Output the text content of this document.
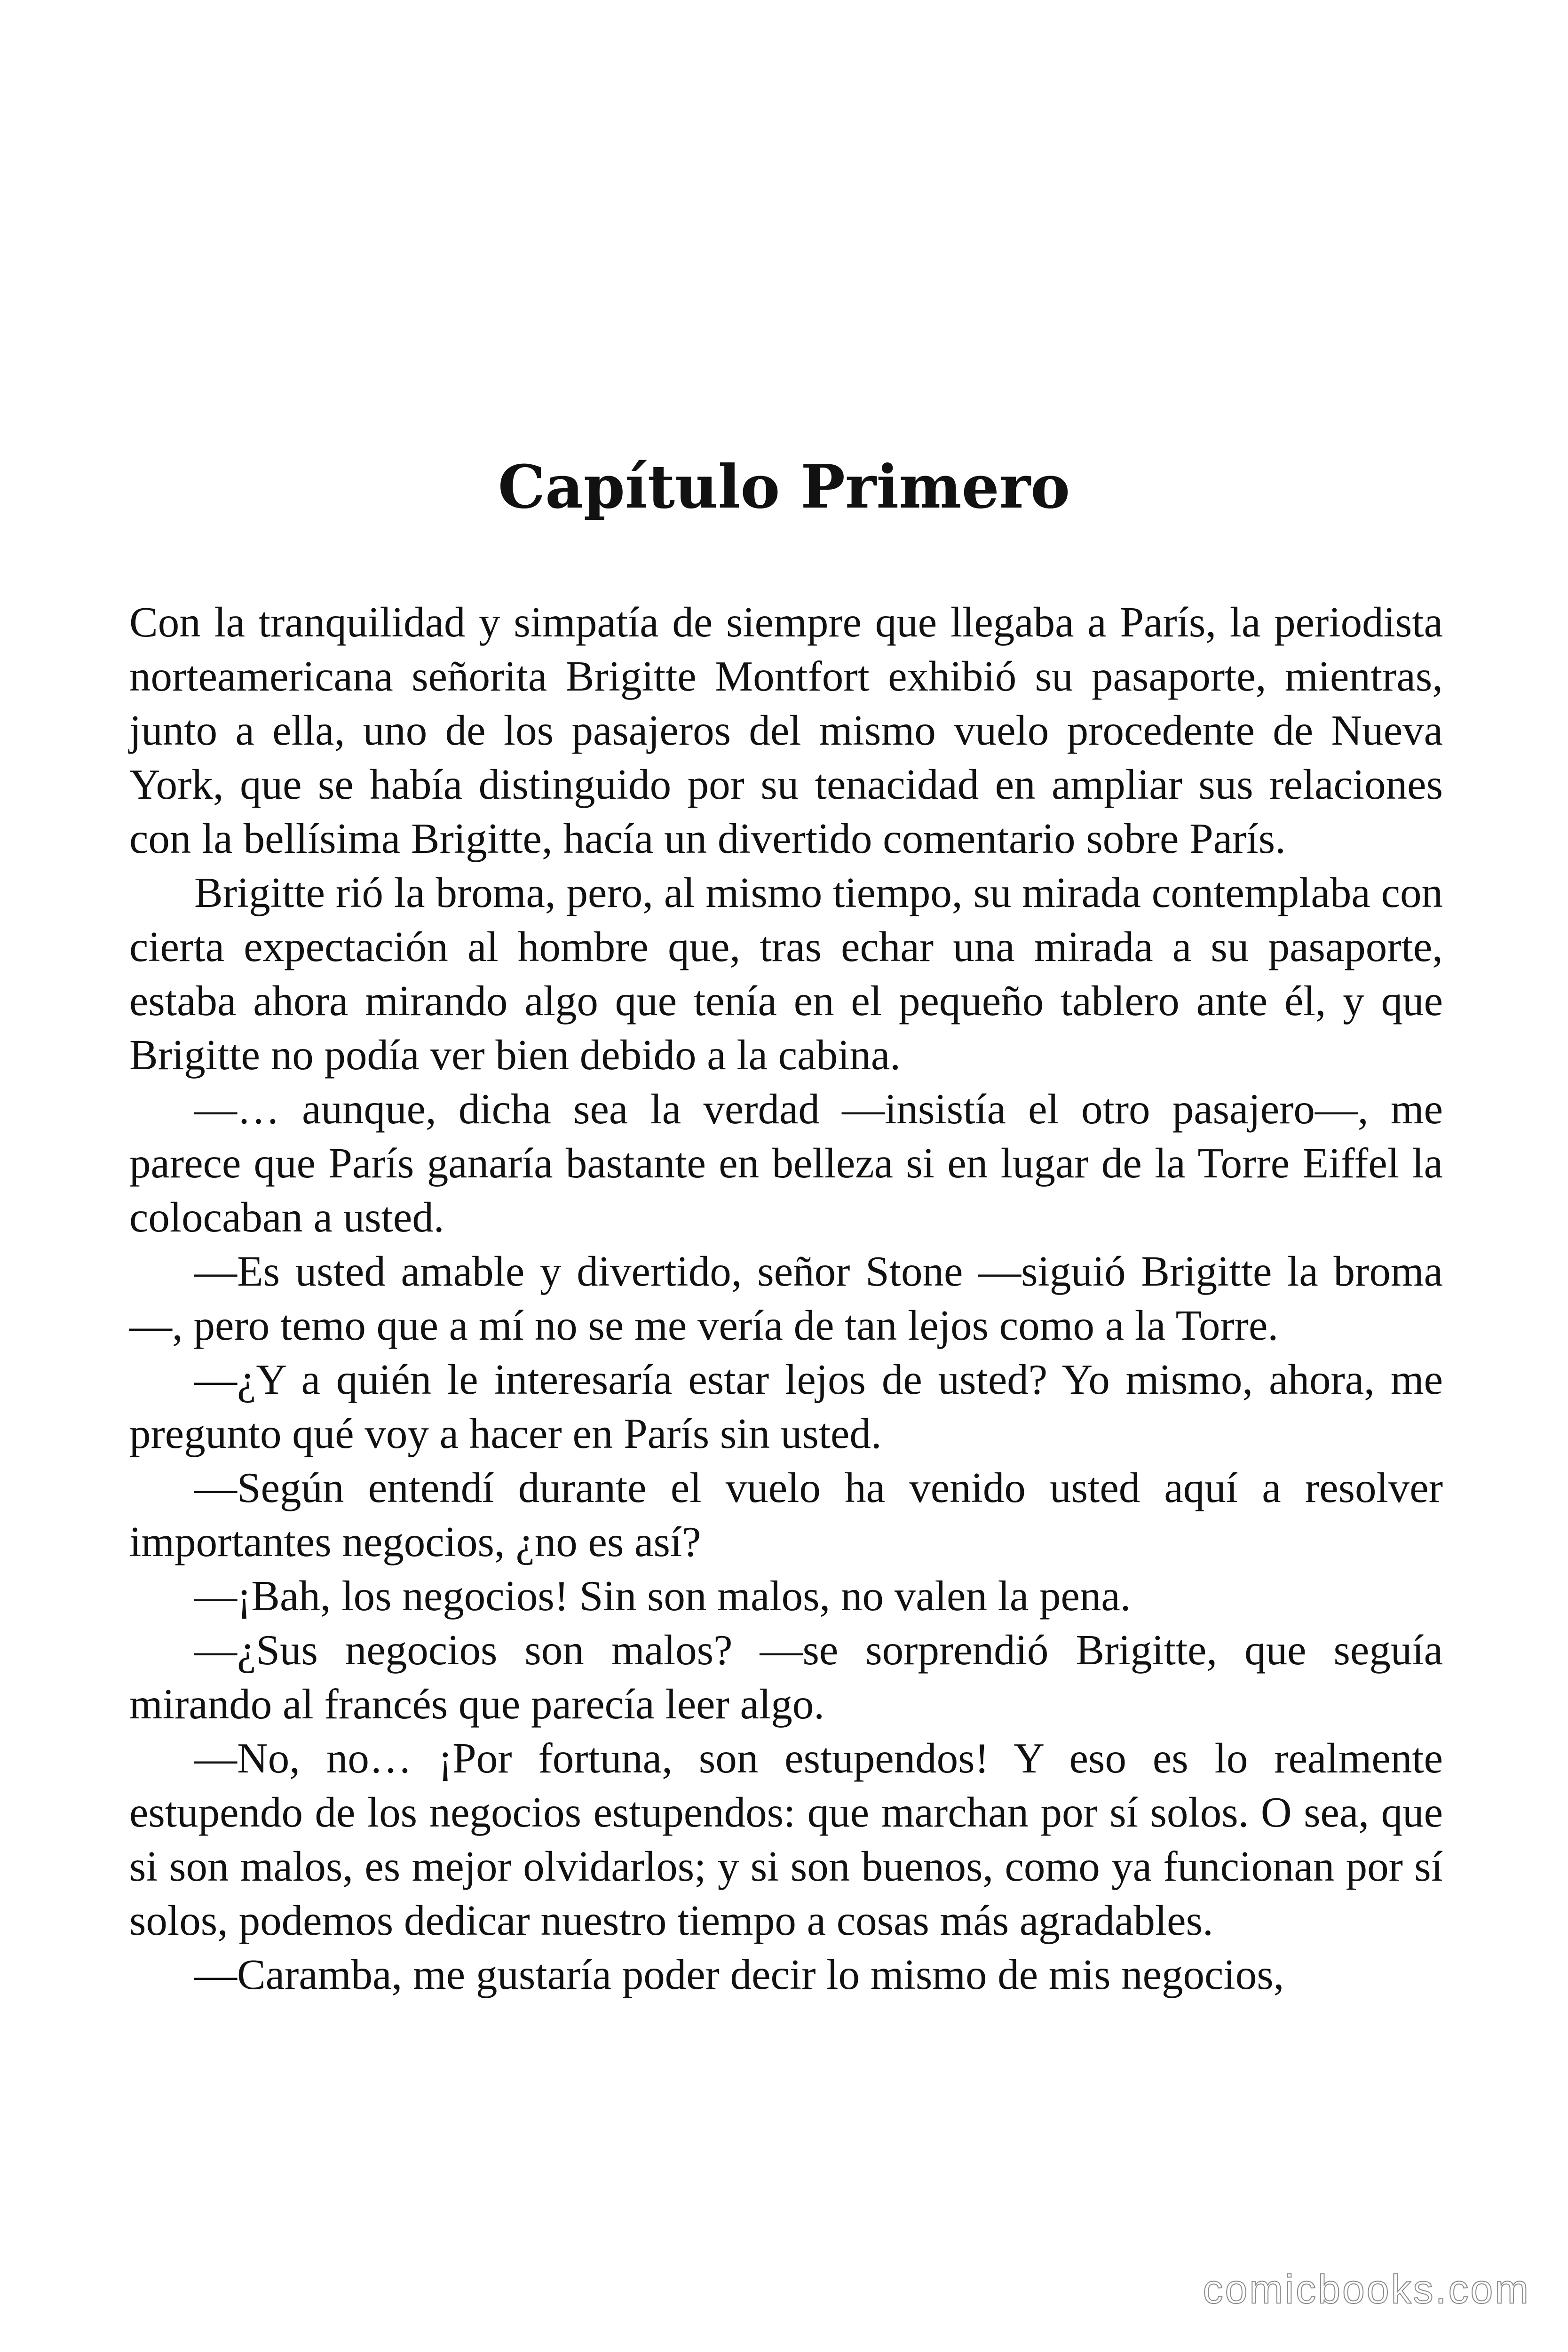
Capítulo Primero

Con la tranquilidad y simpatía de siempre que llegaba a París, la periodista norteamericana señorita Brigitte Montfort exhibió su pasaporte, mientras, junto a ella, uno de los pasajeros del mismo vuelo procedente de Nueva York, que se había distinguido por su tenacidad en ampliar sus relaciones con la bellísima Brigitte, hacía un divertido comentario sobre París.

Brigitte rió la broma, pero, al mismo tiempo, su mirada contemplaba con cierta expectación al hombre que, tras echar una mirada a su pasaporte, estaba ahora mirando algo que tenía en el pequeño tablero ante él, y que Brigitte no podía ver bien debido a la cabina.

—… aunque, dicha sea la verdad —insistía el otro pasajero—, me parece que París ganaría bastante en belleza si en lugar de la Torre Eiffel la colocaban a usted.

—Es usted amable y divertido, señor Stone —siguió Brigitte la broma—, pero temo que a mí no se me vería de tan lejos como a la Torre.

—¿Y a quién le interesaría estar lejos de usted? Yo mismo, ahora, me pregunto qué voy a hacer en París sin usted.

—Según entendí durante el vuelo ha venido usted aquí a resolver importantes negocios, ¿no es así?

—¡Bah, los negocios! Sin son malos, no valen la pena.

—¿Sus negocios son malos? —se sorprendió Brigitte, que seguía mirando al francés que parecía leer algo.

—No, no… ¡Por fortuna, son estupendos! Y eso es lo realmente estupendo de los negocios estupendos: que marchan por sí solos. O sea, que si son malos, es mejor olvidarlos; y si son buenos, como ya funcionan por sí solos, podemos dedicar nuestro tiempo a cosas más agradables.

—Caramba, me gustaría poder decir lo mismo de mis negocios,

comicbooks.com
